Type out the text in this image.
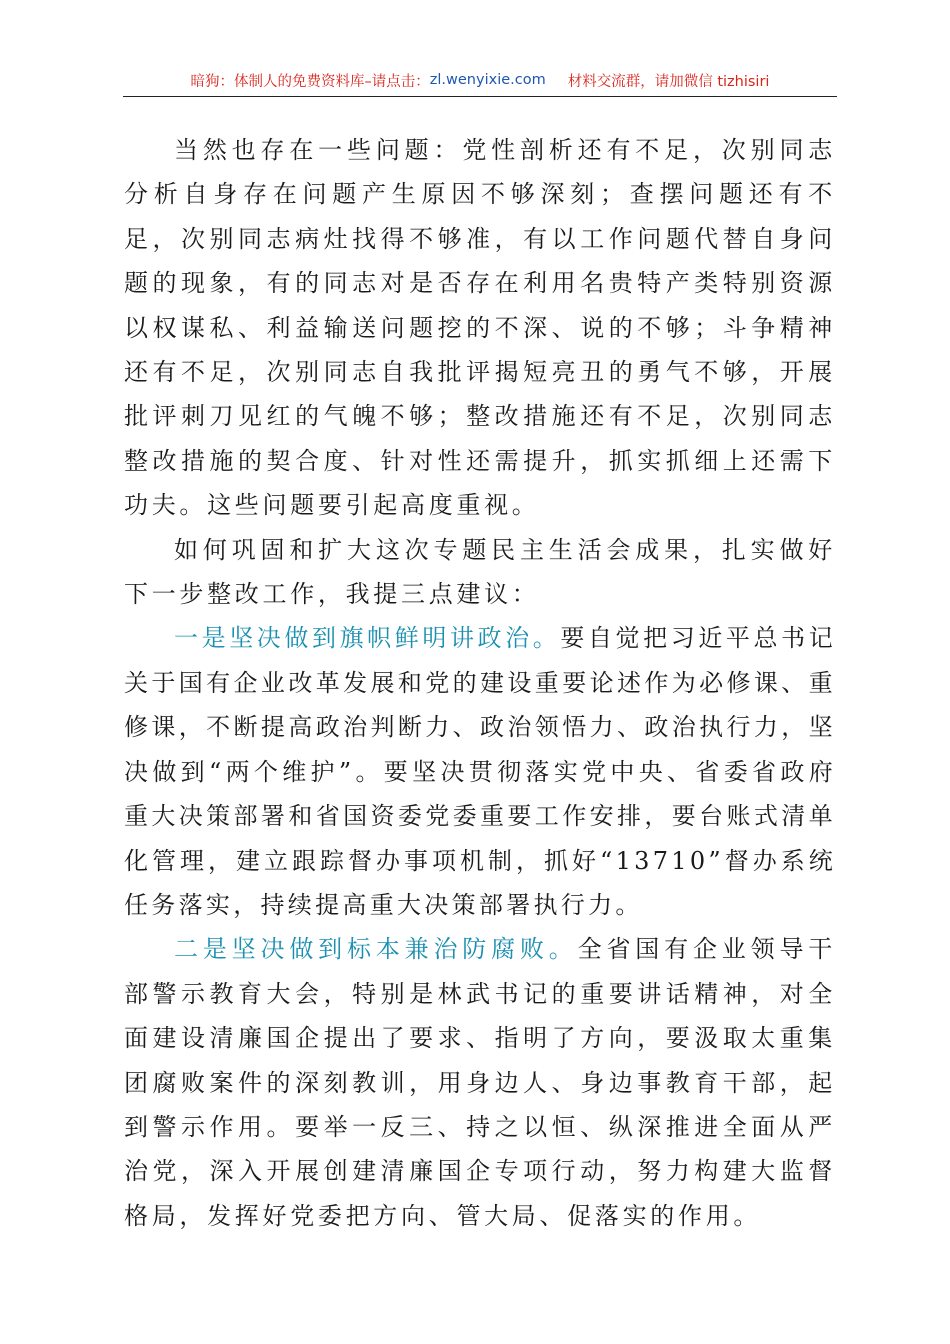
暗狗：体制人的免费资料库 –请点击： zl.wenyixie.com 材料交流群，请加微信 tizhisiri

当然也存在一些问题：党性剖析还有不足，次别同志分析自身存在问题产生原因不够深刻；查摆问题还有不足，次别同志病灶找得不够准，有以工作问题代替自身问题的现象，有的同志对是否存在利用名贵特产类特别资源以权谋私、利益输送问题挖的不深、说的不够；斗争精神还有不足，次别同志自我批评揭短亮丑的勇气不够，开展批评刺刀见红的气魄不够；整改措施还有不足，次别同志整改措施的契合度、针对性还需提升，抓实抓细上还需下功夫。这些问题要引起高度重视。

如何巩固和扩大这次专题民主生活会成果，扎实做好下一步整改工作，我提三点建议：

一是坚决做到旗帜鲜明讲政治。要自觉把习近平总书记关于国有企业改革发展和党的建设重要论述作为必修课、重修课，不断提高政治判断力、政治领悟力、政治执行力，坚决做到“两个维护”。要坚决贯彻落实党中央、省委省政府重大决策部署和省国资委党委重要工作安排，要台账式清单化管理，建立跟踪督办事项机制，抓好“13710”督办系统任务落实，持续提高重大决策部署执行力。

二是坚决做到标本兼治防腐败。全省国有企业领导干部警示教育大会，特别是林武书记的重要讲话精神，对全面建设清廉国企提出了要求、指明了方向，要汲取太重集团腐败案件的深刻教训，用身边人、身边事教育干部，起到警示作用。要举一反三、持之以恒、纵深推进全面从严治党，深入开展创建清廉国企专项行动，努力构建大监督格局，发挥好党委把方向、管大局、促落实的作用。
